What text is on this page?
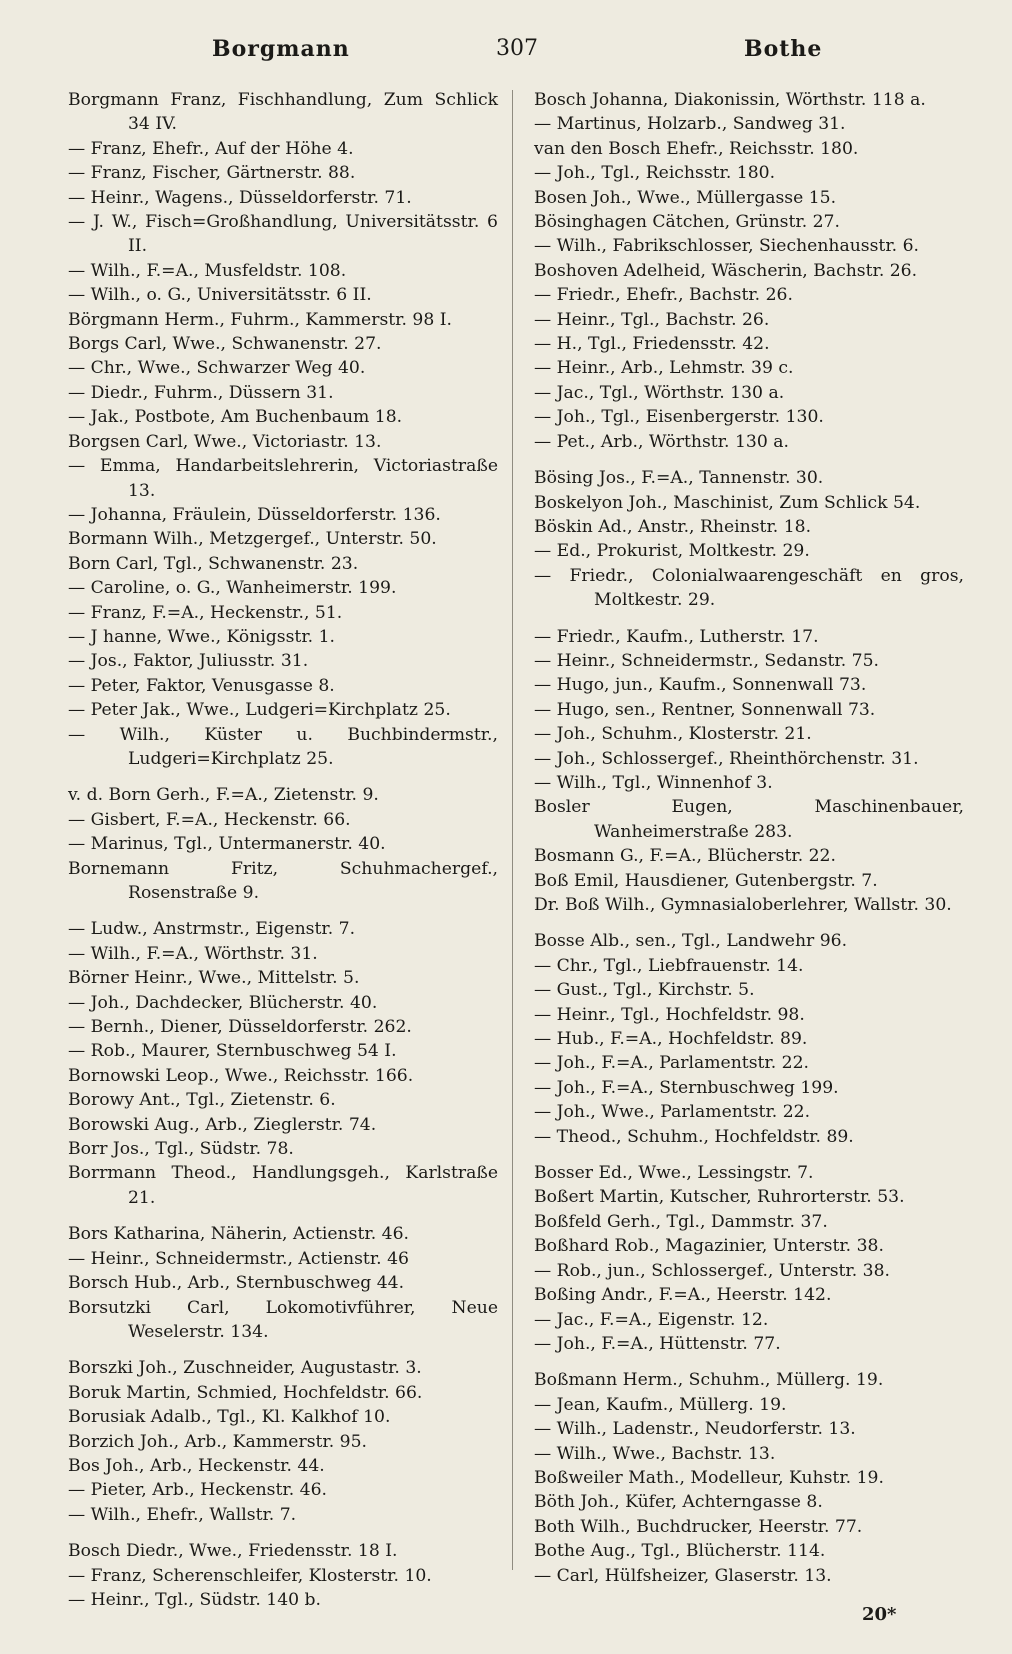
Borgmann	307	Bothe
Borgmann Franz, Fischhandlung, Zum Schlick 34 IV.
— Franz, Ehefr., Auf der Höhe 4.
— Franz, Fischer, Gärtnerstr. 88.
— Heinr., Wagens., Düsseldorferstr. 71.
— J. W., Fisch=Großhandlung, Universitätsstr. 6 II.
— Wilh., F.=A., Musfeldstr. 108.
— Wilh., o. G., Universitätsstr. 6 II.
Börgmann Herm., Fuhrm., Kammerstr. 98 I.
Borgs Carl, Wwe., Schwanenstr. 27.
— Chr., Wwe., Schwarzer Weg 40.
— Diedr., Fuhrm., Düssern 31.
— Jak., Postbote, Am Buchenbaum 18.
Borgsen Carl, Wwe., Victoriastr. 13.
— Emma, Handarbeitslehrerin, Victoriastraße 13.
— Johanna, Fräulein, Düsseldorferstr. 136.
Bormann Wilh., Metzgergef., Unterstr. 50.
Born Carl, Tgl., Schwanenstr. 23.
— Caroline, o. G., Wanheimerstr. 199.
— Franz, F.=A., Heckenstr., 51.
— J hanne, Wwe., Königsstr. 1.
— Jos., Faktor, Juliusstr. 31.
— Peter, Faktor, Venusgasse 8.
— Peter Jak., Wwe., Ludgeri=Kirchplatz 25.
— Wilh., Küster u. Buchbindermstr., Ludgeri=Kirchplatz 25.
v. d. Born Gerh., F.=A., Zietenstr. 9.
— Gisbert, F.=A., Heckenstr. 66.
— Marinus, Tgl., Untermanerstr. 40.
Bornemann Fritz, Schuhmachergef., Rosenstraße 9.
— Ludw., Anstrmstr., Eigenstr. 7.
— Wilh., F.=A., Wörthstr. 31.
Börner Heinr., Wwe., Mittelstr. 5.
— Joh., Dachdecker, Blücherstr. 40.
— Bernh., Diener, Düsseldorferstr. 262.
— Rob., Maurer, Sternbuschweg 54 I.
Bornowski Leop., Wwe., Reichsstr. 166.
Borowy Ant., Tgl., Zietenstr. 6.
Borowski Aug., Arb., Zieglerstr. 74.
Borr Jos., Tgl., Südstr. 78.
Borrmann Theod., Handlungsgeh., Karlstraße 21.
Bors Katharina, Näherin, Actienstr. 46.
— Heinr., Schneidermstr., Actienstr. 46
Borsch Hub., Arb., Sternbuschweg 44.
Borsutzki Carl, Lokomotivführer, Neue Weselerstr. 134.
Borszki Joh., Zuschneider, Augustastr. 3.
Boruk Martin, Schmied, Hochfeldstr. 66.
Borusiak Adalb., Tgl., Kl. Kalkhof 10.
Borzich Joh., Arb., Kammerstr. 95.
Bos Joh., Arb., Heckenstr. 44.
— Pieter, Arb., Heckenstr. 46.
— Wilh., Ehefr., Wallstr. 7.
Bosch Diedr., Wwe., Friedensstr. 18 I.
— Franz, Scherenschleifer, Klosterstr. 10.
— Heinr., Tgl., Südstr. 140 b.
Bosch Johanna, Diakonissin, Wörthstr. 118 a.
— Martinus, Holzarb., Sandweg 31.
van den Bosch Ehefr., Reichsstr. 180.
— Joh., Tgl., Reichsstr. 180.
Bosen Joh., Wwe., Müllergasse 15.
Bösinghagen Cätchen, Grünstr. 27.
— Wilh., Fabrikschlosser, Siechenhausstr. 6.
Boshoven Adelheid, Wäscherin, Bachstr. 26.
— Friedr., Ehefr., Bachstr. 26.
— Heinr., Tgl., Bachstr. 26.
— H., Tgl., Friedensstr. 42.
— Heinr., Arb., Lehmstr. 39 c.
— Jac., Tgl., Wörthstr. 130 a.
— Joh., Tgl., Eisenbergerstr. 130.
— Pet., Arb., Wörthstr. 130 a.
Bösing Jos., F.=A., Tannenstr. 30.
Boskelyon Joh., Maschinist, Zum Schlick 54.
Böskin Ad., Anstr., Rheinstr. 18.
— Ed., Prokurist, Moltkestr. 29.
— Friedr., Colonialwaarengeschäft en gros, Moltkestr. 29.
— Friedr., Kaufm., Lutherstr. 17.
— Heinr., Schneidermstr., Sedanstr. 75.
— Hugo, jun., Kaufm., Sonnenwall 73.
— Hugo, sen., Rentner, Sonnenwall 73.
— Joh., Schuhm., Klosterstr. 21.
— Joh., Schlossergef., Rheinthörchenstr. 31.
— Wilh., Tgl., Winnenhof 3.
Bosler Eugen, Maschinenbauer, Wanheimerstraße 283.
Bosmann G., F.=A., Blücherstr. 22.
Boß Emil, Hausdiener, Gutenbergstr. 7.
Dr. Boß Wilh., Gymnasialoberlehrer, Wallstr. 30.
Bosse Alb., sen., Tgl., Landwehr 96.
— Chr., Tgl., Liebfrauenstr. 14.
— Gust., Tgl., Kirchstr. 5.
— Heinr., Tgl., Hochfeldstr. 98.
— Hub., F.=A., Hochfeldstr. 89.
— Joh., F.=A., Parlamentstr. 22.
— Joh., F.=A., Sternbuschweg 199.
— Joh., Wwe., Parlamentstr. 22.
— Theod., Schuhm., Hochfeldstr. 89.
Bosser Ed., Wwe., Lessingstr. 7.
Boßert Martin, Kutscher, Ruhrorterstr. 53.
Boßfeld Gerh., Tgl., Dammstr. 37.
Boßhard Rob., Magazinier, Unterstr. 38.
— Rob., jun., Schlossergef., Unterstr. 38.
Boßing Andr., F.=A., Heerstr. 142.
— Jac., F.=A., Eigenstr. 12.
— Joh., F.=A., Hüttenstr. 77.
Boßmann Herm., Schuhm., Müllerg. 19.
— Jean, Kaufm., Müllerg. 19.
— Wilh., Ladenstr., Neudorferstr. 13.
— Wilh., Wwe., Bachstr. 13.
Boßweiler Math., Modelleur, Kuhstr. 19.
Böth Joh., Küfer, Achterngasse 8.
Both Wilh., Buchdrucker, Heerstr. 77.
Bothe Aug., Tgl., Blücherstr. 114.
— Carl, Hülfsheizer, Glaserstr. 13.
20*
